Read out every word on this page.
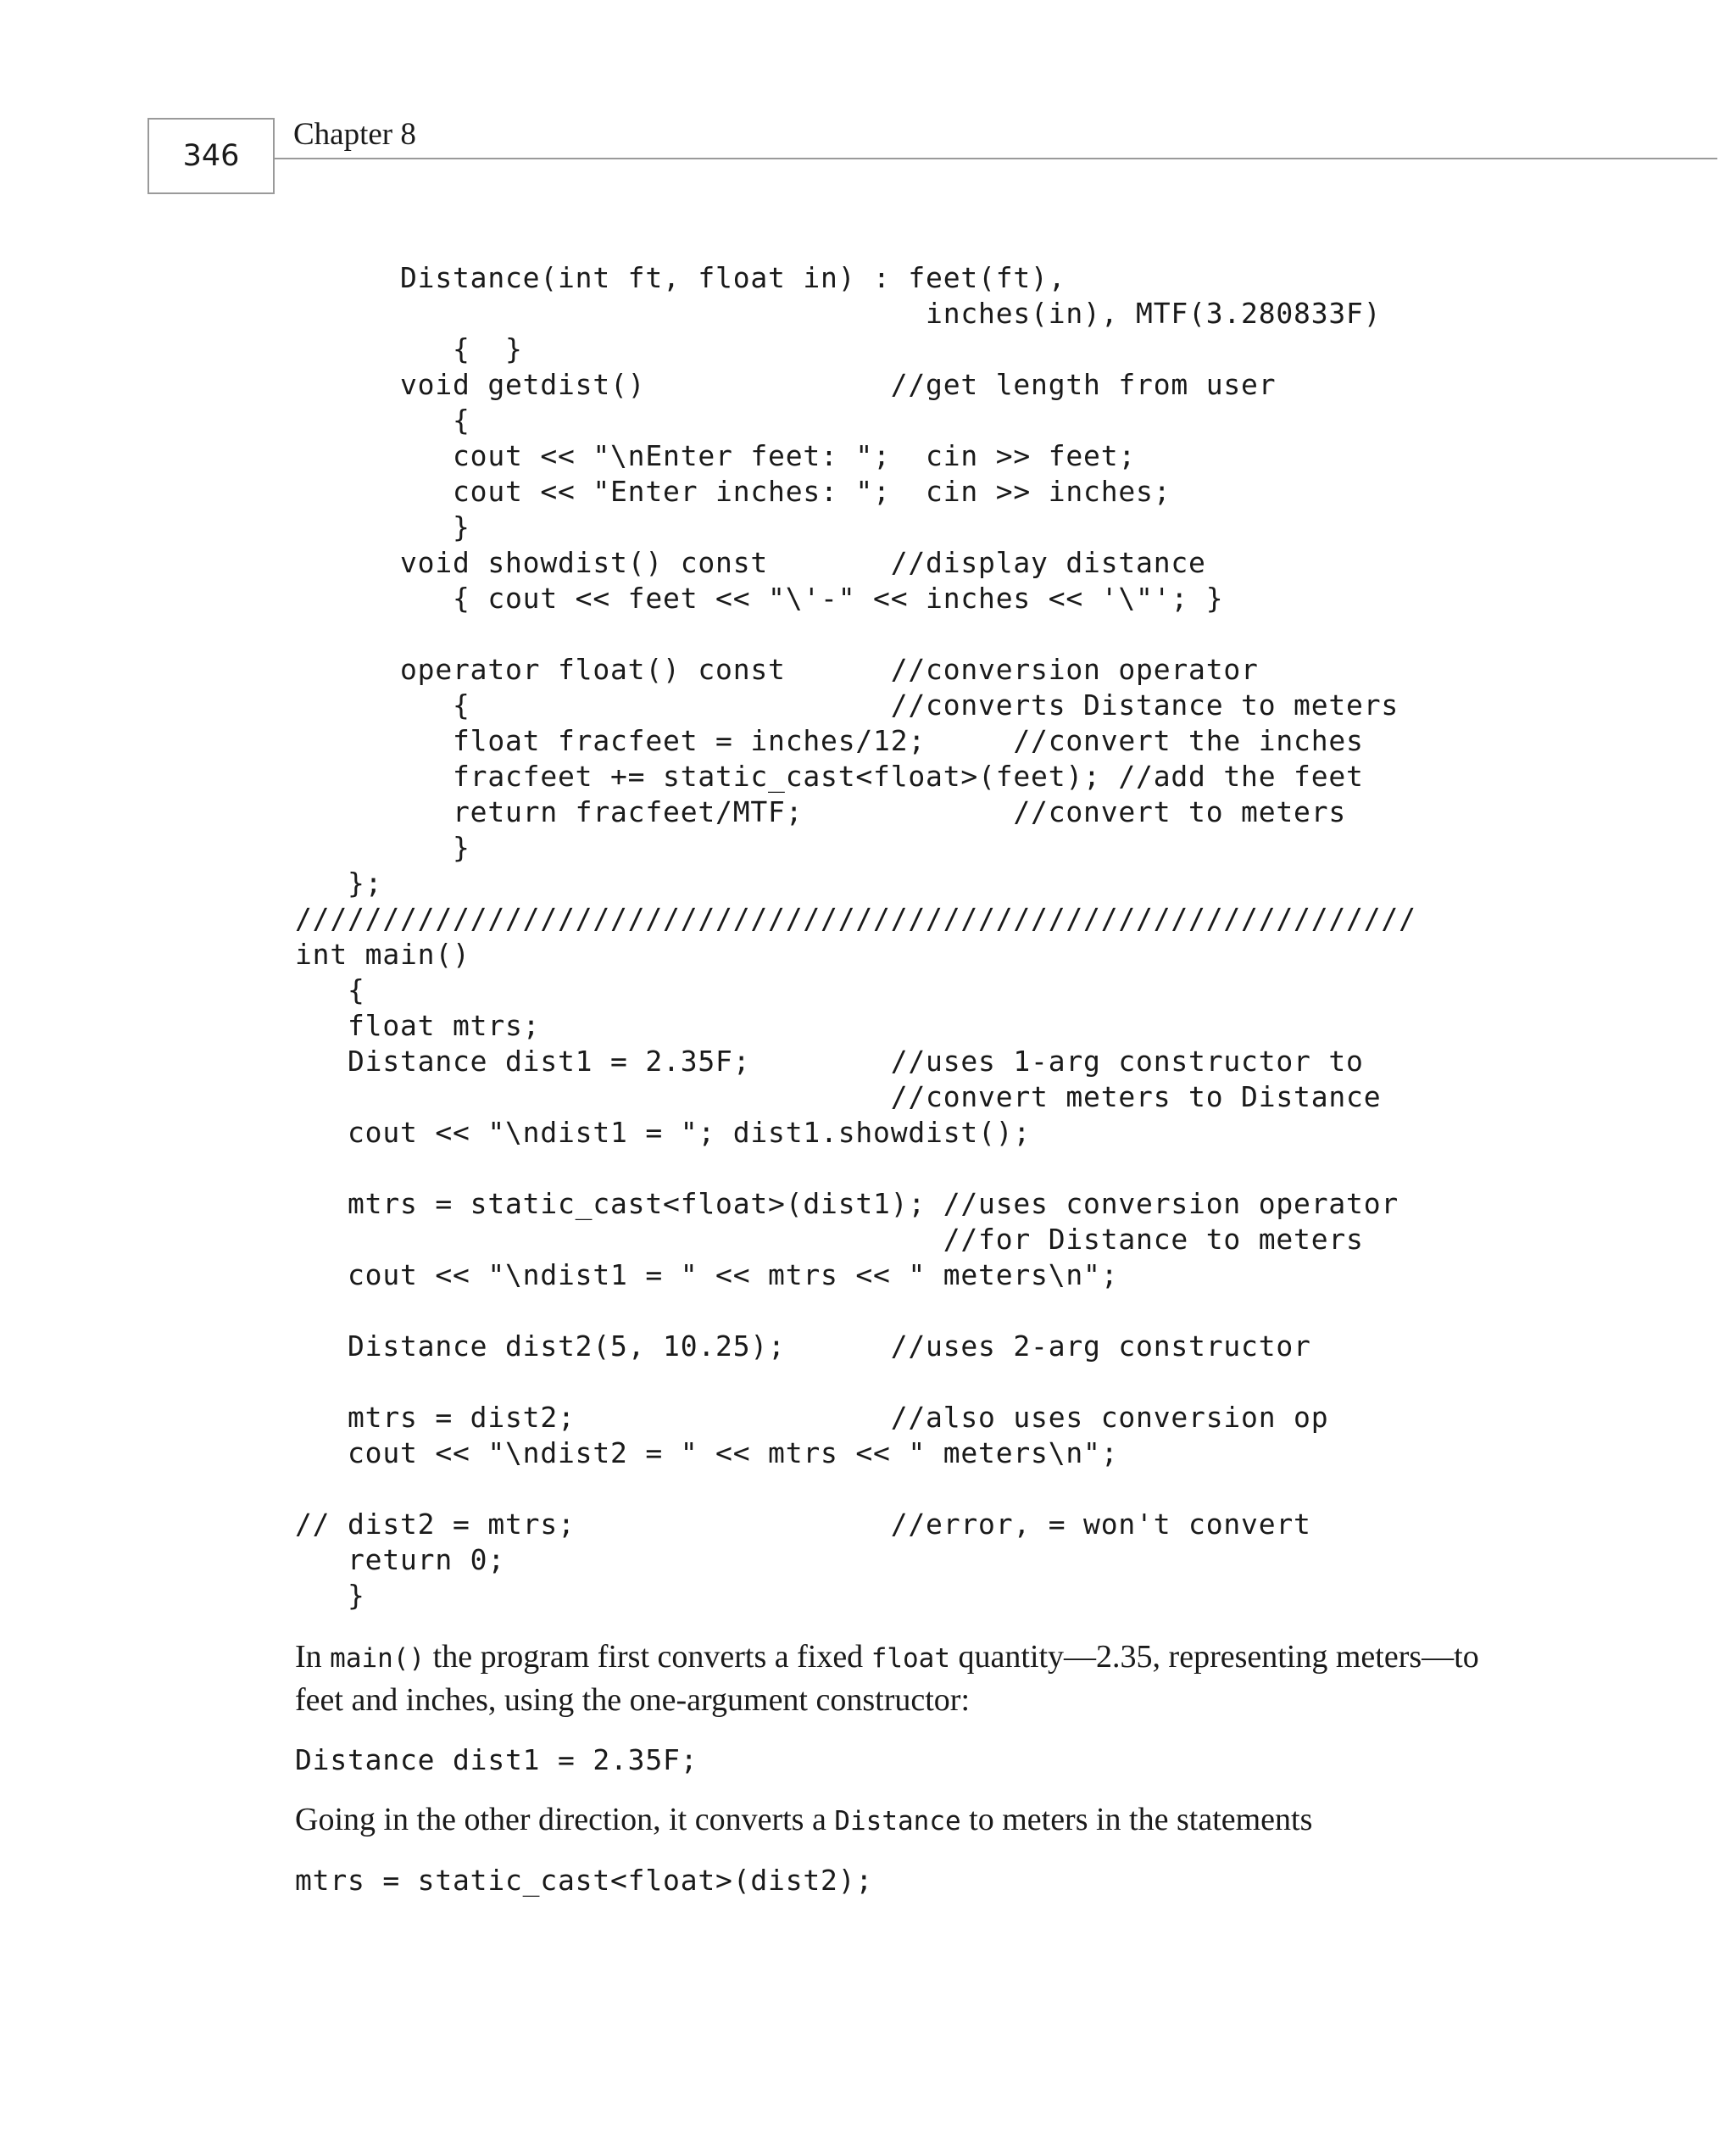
346
Chapter 8
Distance(int ft, float in) : feet(ft),
inches(in), MTF(3.280833F)
{  }
void getdist()              //get length from user
{
cout << "\nEnter feet: ";  cin >> feet;
cout << "Enter inches: ";  cin >> inches;
}
void showdist() const       //display distance
{ cout << feet << "\'-" << inches << '\"'; }

operator float() const      //conversion operator
{                        //converts Distance to meters
float fracfeet = inches/12;     //convert the inches
fracfeet += static_cast<float>(feet); //add the feet
return fracfeet/MTF;            //convert to meters
}
};
////////////////////////////////////////////////////////////////
int main()
{
float mtrs;
Distance dist1 = 2.35F;        //uses 1-arg constructor to
//convert meters to Distance
cout << "\ndist1 = "; dist1.showdist();

mtrs = static_cast<float>(dist1); //uses conversion operator
//for Distance to meters
cout << "\ndist1 = " << mtrs << " meters\n";

Distance dist2(5, 10.25);      //uses 2-arg constructor

mtrs = dist2;                  //also uses conversion op
cout << "\ndist2 = " << mtrs << " meters\n";

// dist2 = mtrs;                  //error, = won't convert
return 0;
}

In main() the program first converts a fixed float quantity—2.35, representing meters—to feet and inches, using the one-argument constructor:

Distance dist1 = 2.35F;

Going in the other direction, it converts a Distance to meters in the statements

mtrs = static_cast<float>(dist2);
